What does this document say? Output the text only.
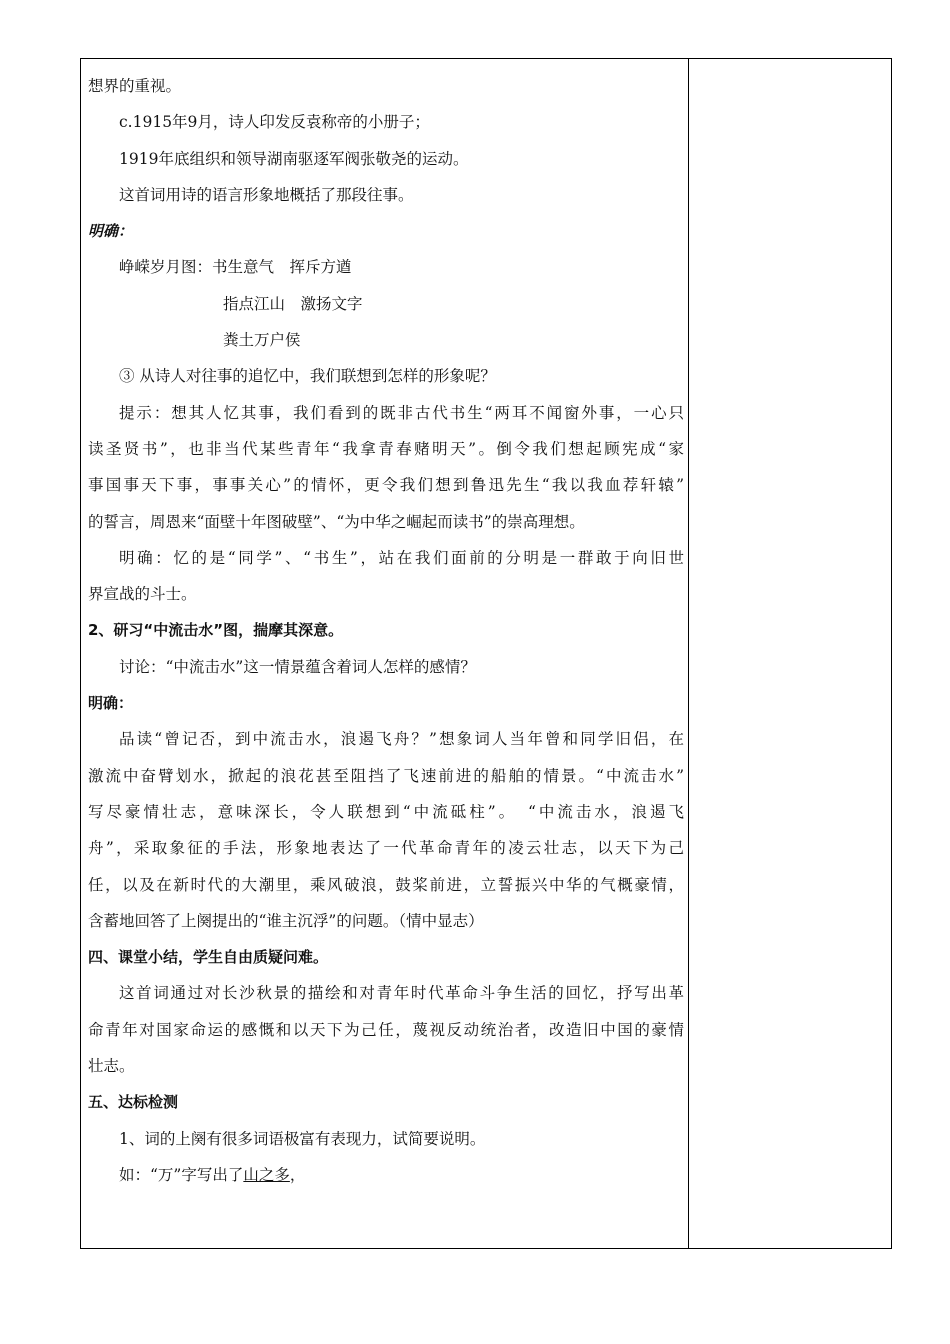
想界的重视。
c.1915年9月，诗人印发反袁称帝的小册子；
1919年底组织和领导湖南驱逐军阀张敬尧的运动。
这首词用诗的语言形象地概括了那段往事。
明确：
峥嵘岁月图：书生意气　挥斥方遒
指点江山　激扬文字
粪土万户侯
③ 从诗人对往事的追忆中，我们联想到怎样的形象呢？
提示：想其人忆其事，我们看到的既非古代书生“两耳不闻窗外事，一心只
读圣贤书”，也非当代某些青年“我拿青春赌明天”。倒令我们想起顾宪成“家
事国事天下事，事事关心”的情怀，更令我们想到鲁迅先生“我以我血荐轩辕”
的誓言，周恩来“面壁十年图破壁”、“为中华之崛起而读书”的崇高理想。
明确：忆的是“同学”、“书生”，站在我们面前的分明是一群敢于向旧世
界宣战的斗士。
2、研习“中流击水”图，揣摩其深意。
讨论：“中流击水”这一情景蕴含着词人怎样的感情？
明确：
品读“曾记否，到中流击水，浪遏飞舟？”想象词人当年曾和同学旧侣，在
激流中奋臂划水，掀起的浪花甚至阻挡了飞速前进的船舶的情景。“中流击水”
写尽豪情壮志，意味深长，令人联想到“中流砥柱”。　“中流击水，浪遏飞
舟”，采取象征的手法，形象地表达了一代革命青年的凌云壮志，以天下为己
任，以及在新时代的大潮里，乘风破浪，鼓桨前进，立誓振兴中华的气概豪情，
含蓄地回答了上阕提出的“谁主沉浮”的问题。（情中显志）
四、课堂小结，学生自由质疑问难。
这首词通过对长沙秋景的描绘和对青年时代革命斗争生活的回忆，抒写出革
命青年对国家命运的感慨和以天下为己任，蔑视反动统治者，改造旧中国的豪情
壮志。
五、达标检测
1、词的上阕有很多词语极富有表现力，试简要说明。
如：“万”字写出了山之多，
